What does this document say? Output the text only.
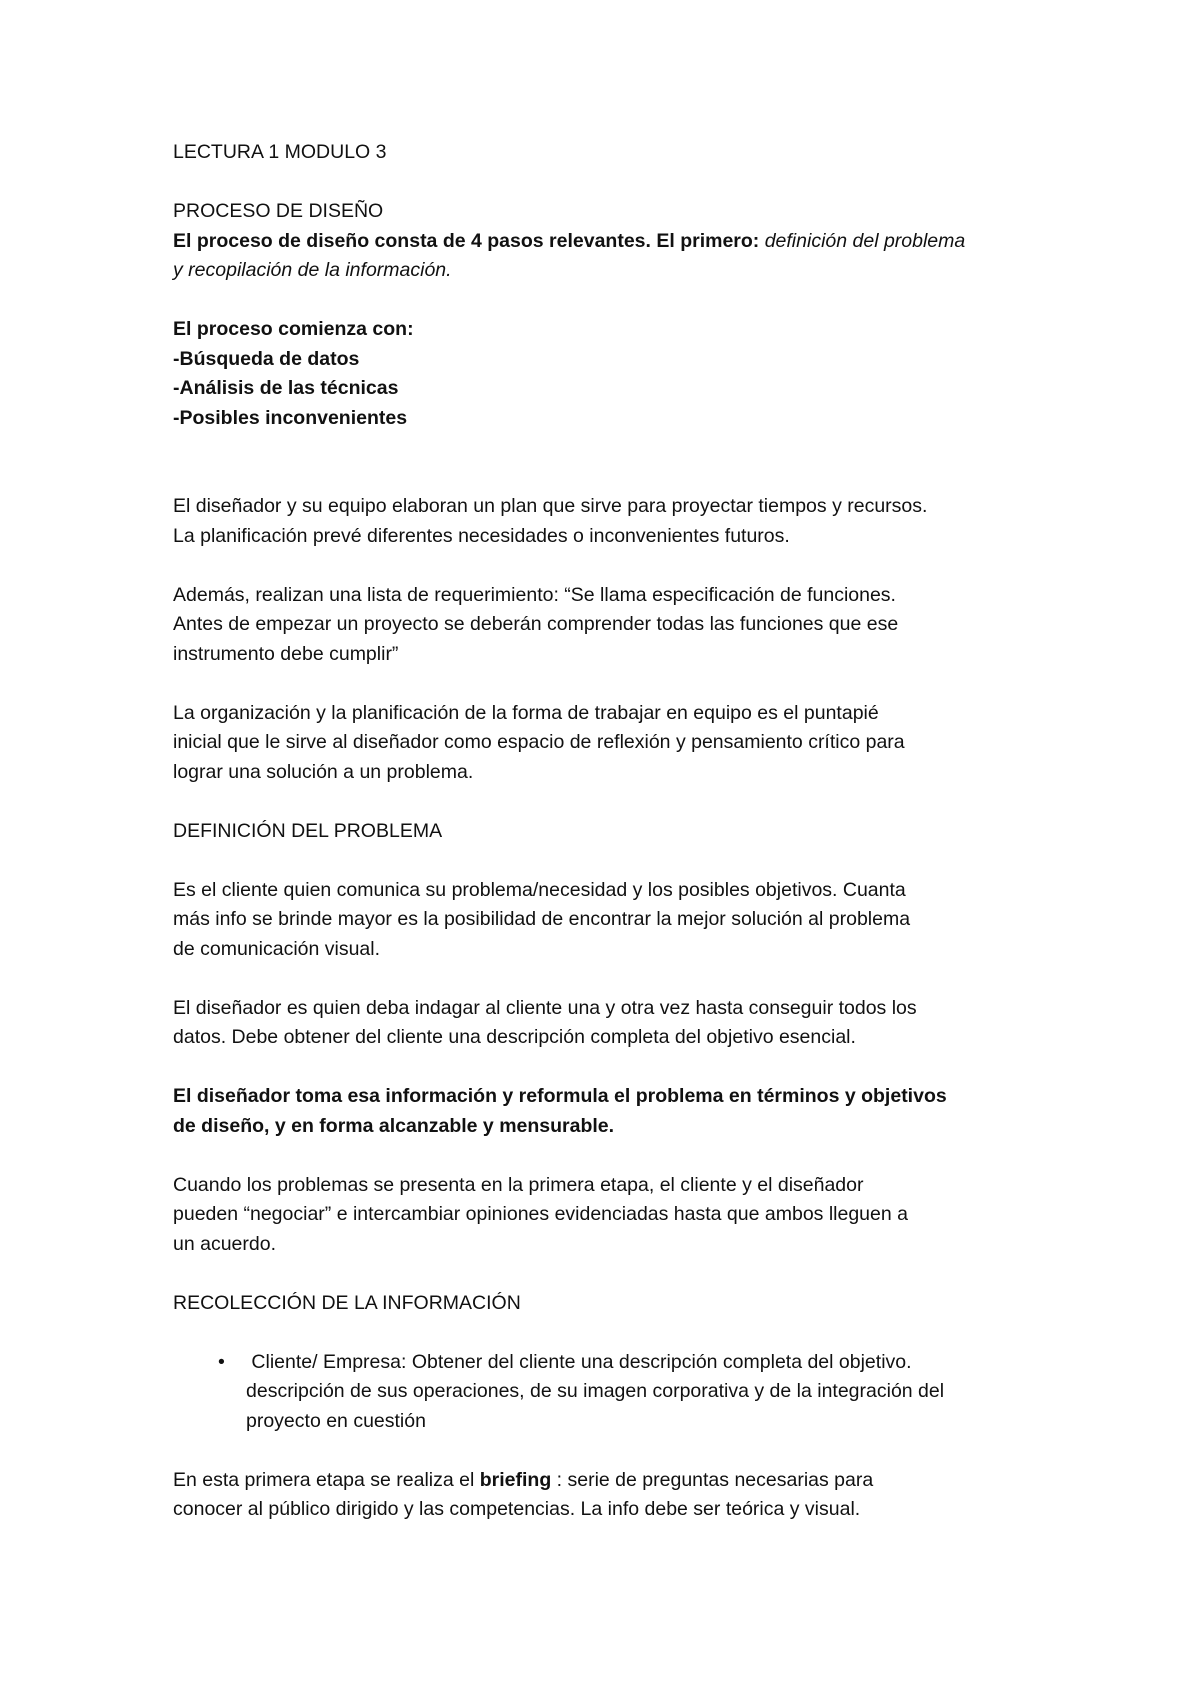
LECTURA 1 MODULO 3

PROCESO DE DISEÑO

El proceso de diseño consta de 4 pasos relevantes. El primero: definición del problema

y recopilación de la información.

El proceso comienza con:

-Búsqueda de datos

-Análisis de las técnicas

-Posibles inconvenientes

El diseñador y su equipo elaboran un plan que sirve para proyectar tiempos y recursos.

La planificación prevé diferentes necesidades o inconvenientes futuros.

Además, realizan una lista de requerimiento: “Se llama especificación de funciones.

Antes de empezar un proyecto se deberán comprender todas las funciones que ese

instrumento debe cumplir”

La organización y la planificación de la forma de trabajar en equipo es el puntapié

inicial que le sirve al diseñador como espacio de reflexión y pensamiento crítico para

lograr una solución a un problema.

DEFINICIÓN DEL PROBLEMA

Es el cliente quien comunica su problema/necesidad y los posibles objetivos. Cuanta

más info se brinde mayor es la posibilidad de encontrar la mejor solución al problema

de comunicación visual.

El diseñador es quien deba indagar al cliente una y otra vez hasta conseguir todos los

datos. Debe obtener del cliente una descripción completa del objetivo esencial.

El diseñador toma esa información y reformula el problema en términos y objetivos

de diseño, y en forma alcanzable y mensurable.

Cuando los problemas se presenta en la primera etapa, el cliente y el diseñador

pueden “negociar” e intercambiar opiniones evidenciadas hasta que ambos lleguen a

un acuerdo.

RECOLECCIÓN DE LA INFORMACIÓN

• Cliente/ Empresa: Obtener del cliente una descripción completa del objetivo.

descripción de sus operaciones, de su imagen corporativa y de la integración del

proyecto en cuestión

En esta primera etapa se realiza el briefing : serie de preguntas necesarias para

conocer al público dirigido y las competencias. La info debe ser teórica y visual.
